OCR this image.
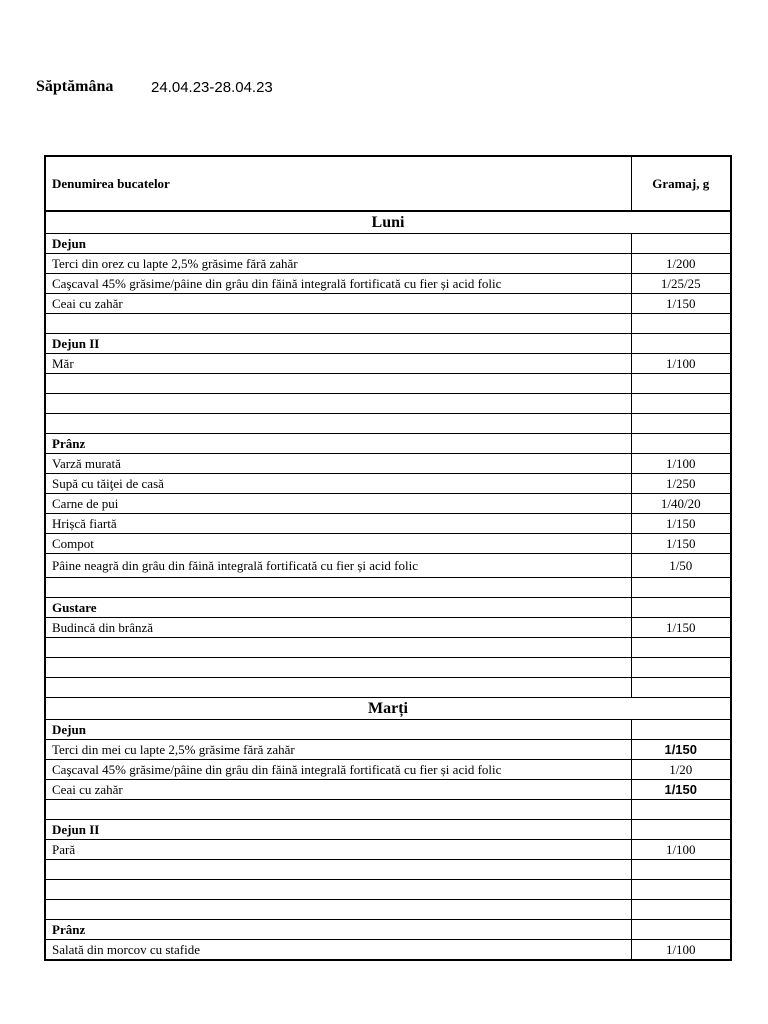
Săptămâna	24.04.23-28.04.23
Denumirea bucatelor	Gramaj, g
Luni	
Dejun	
Terci din orez cu lapte 2,5% grăsime fără zahăr	1/200
Caşcaval 45% grăsime/pâine din grâu din făină integrală fortificată cu fier și acid folic	1/25/25
Ceai cu zahăr	1/150

Dejun II	
Măr	1/100

Prânz	
Varză murată	1/100
Supă cu tăiţei de casă	1/250
Carne de pui	1/40/20
Hrișcă fiartă	1/150
Compot	1/150
Pâine neagră din grâu din făină integrală fortificată cu fier și acid folic	1/50

Gustare	
Budincă din brânză	1/150

Marți	
Dejun	
Terci din mei cu lapte 2,5% grăsime fără zahăr	1/150
Caşcaval 45% grăsime/pâine din grâu din făină integrală fortificată cu fier și acid folic	1/20
Ceai cu zahăr	1/150

Dejun II	
Pară	1/100

Prânz	
Salată din morcov cu stafide	1/100
